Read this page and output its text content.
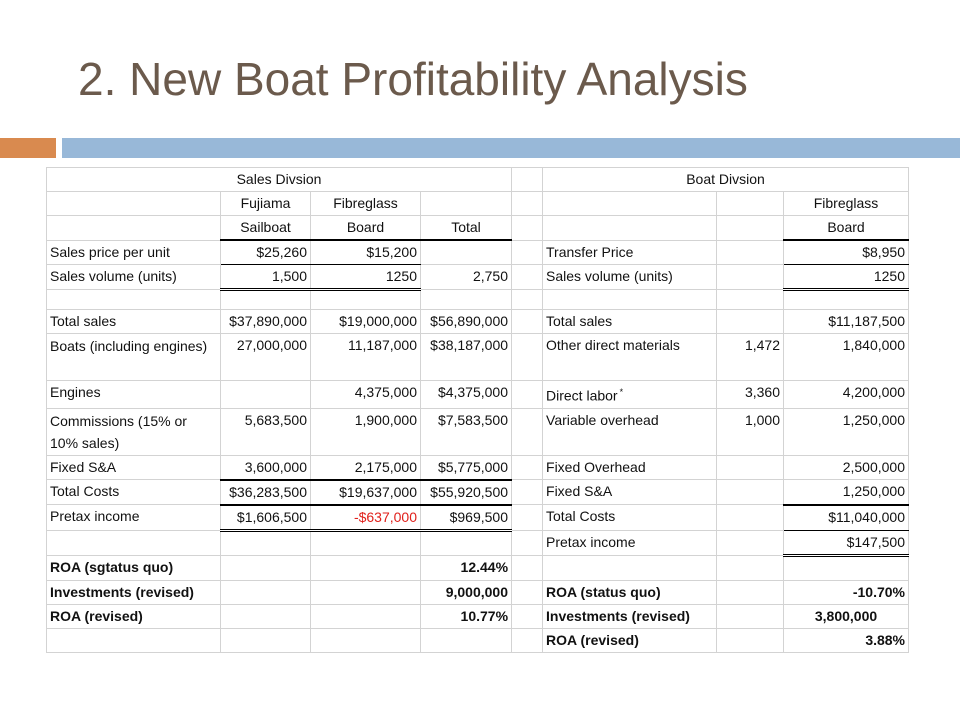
2. New Boat Profitability Analysis
Sales Divsion					Boat Divsion		
	Fujiama	Fibreglass					Fibreglass
	Sailboat	Board	Total				Board
Sales price per unit	$25,260	$15,200			Transfer Price		$8,950
Sales volume (units)	1,500	1250	2,750		Sales volume (units)		1250

Total sales	$37,890,000	$19,000,000	$56,890,000		Total sales		$11,187,500
Boats (including engines)	27,000,000	11,187,000	$38,187,000		Other direct materials	1,472	1,840,000
Engines		4,375,000	$4,375,000		Direct labor *	3,360	4,200,000
Commissions (15% or 10% sales)	5,683,500	1,900,000	$7,583,500		Variable overhead	1,000	1,250,000
Fixed S&A	3,600,000	2,175,000	$5,775,000		Fixed Overhead		2,500,000
Total Costs	$36,283,500	$19,637,000	$55,920,500		Fixed S&A		1,250,000
Pretax income	$1,606,500	-$637,000	$969,500		Total Costs		$11,040,000
					Pretax income		$147,500
ROA (sgtatus quo)			12.44%				
Investments (revised)			9,000,000		ROA (status quo)		-10.70%
ROA (revised)			10.77%		Investments (revised)		3,800,000
					ROA (revised)		3.88%
